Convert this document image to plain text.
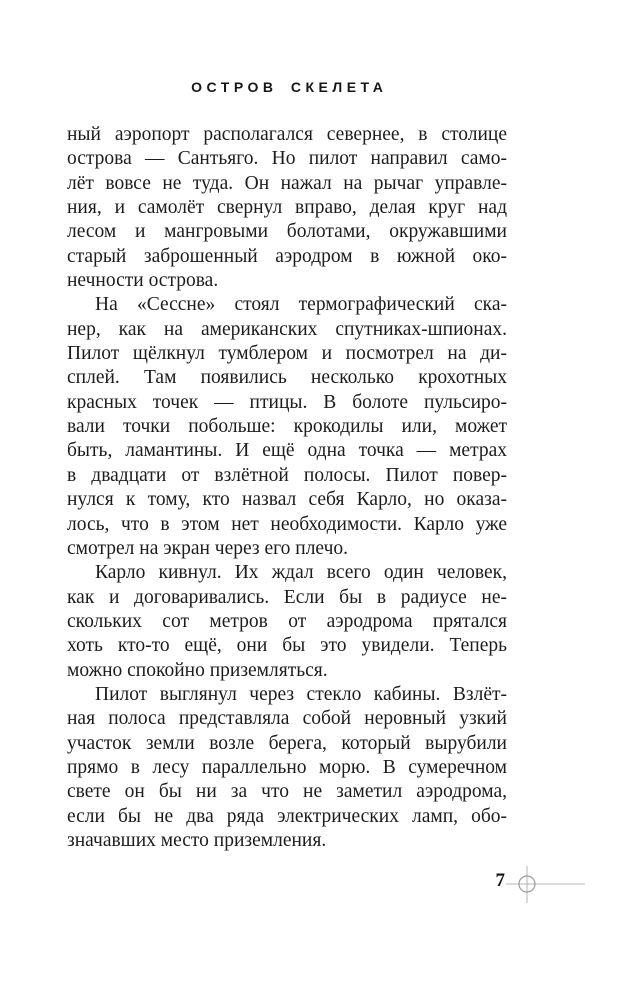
ОСТРОВ СКЕЛЕТА

ный аэропорт располагался севернее, в столице
острова — Сантьяго. Но пилот направил само-
лёт вовсе не туда. Он нажал на рычаг управле-
ния, и самолёт свернул вправо, делая круг над
лесом и мангровыми болотами, окружавшими
старый заброшенный аэродром в южной око-
нечности острова.

На «Сессне» стоял термографический ска-
нер, как на американских спутниках-шпионах.
Пилот щёлкнул тумблером и посмотрел на ди-
сплей. Там появились несколько крохотных
красных точек — птицы. В болоте пульсиро-
вали точки побольше: крокодилы или, может
быть, ламантины. И ещё одна точка — метрах
в двадцати от взлётной полосы. Пилот повер-
нулся к тому, кто назвал себя Карло, но оказа-
лось, что в этом нет необходимости. Карло уже
смотрел на экран через его плечо.

Карло кивнул. Их ждал всего один человек,
как и договаривались. Если бы в радиусе не-
скольких сот метров от аэродрома прятался
хоть кто-то ещё, они бы это увидели. Теперь
можно спокойно приземляться.

Пилот выглянул через стекло кабины. Взлёт-
ная полоса представляла собой неровный узкий
участок земли возле берега, который вырубили
прямо в лесу параллельно морю. В сумеречном
свете он бы ни за что не заметил аэродрома,
если бы не два ряда электрических ламп, обо-
значавших место приземления.

7
